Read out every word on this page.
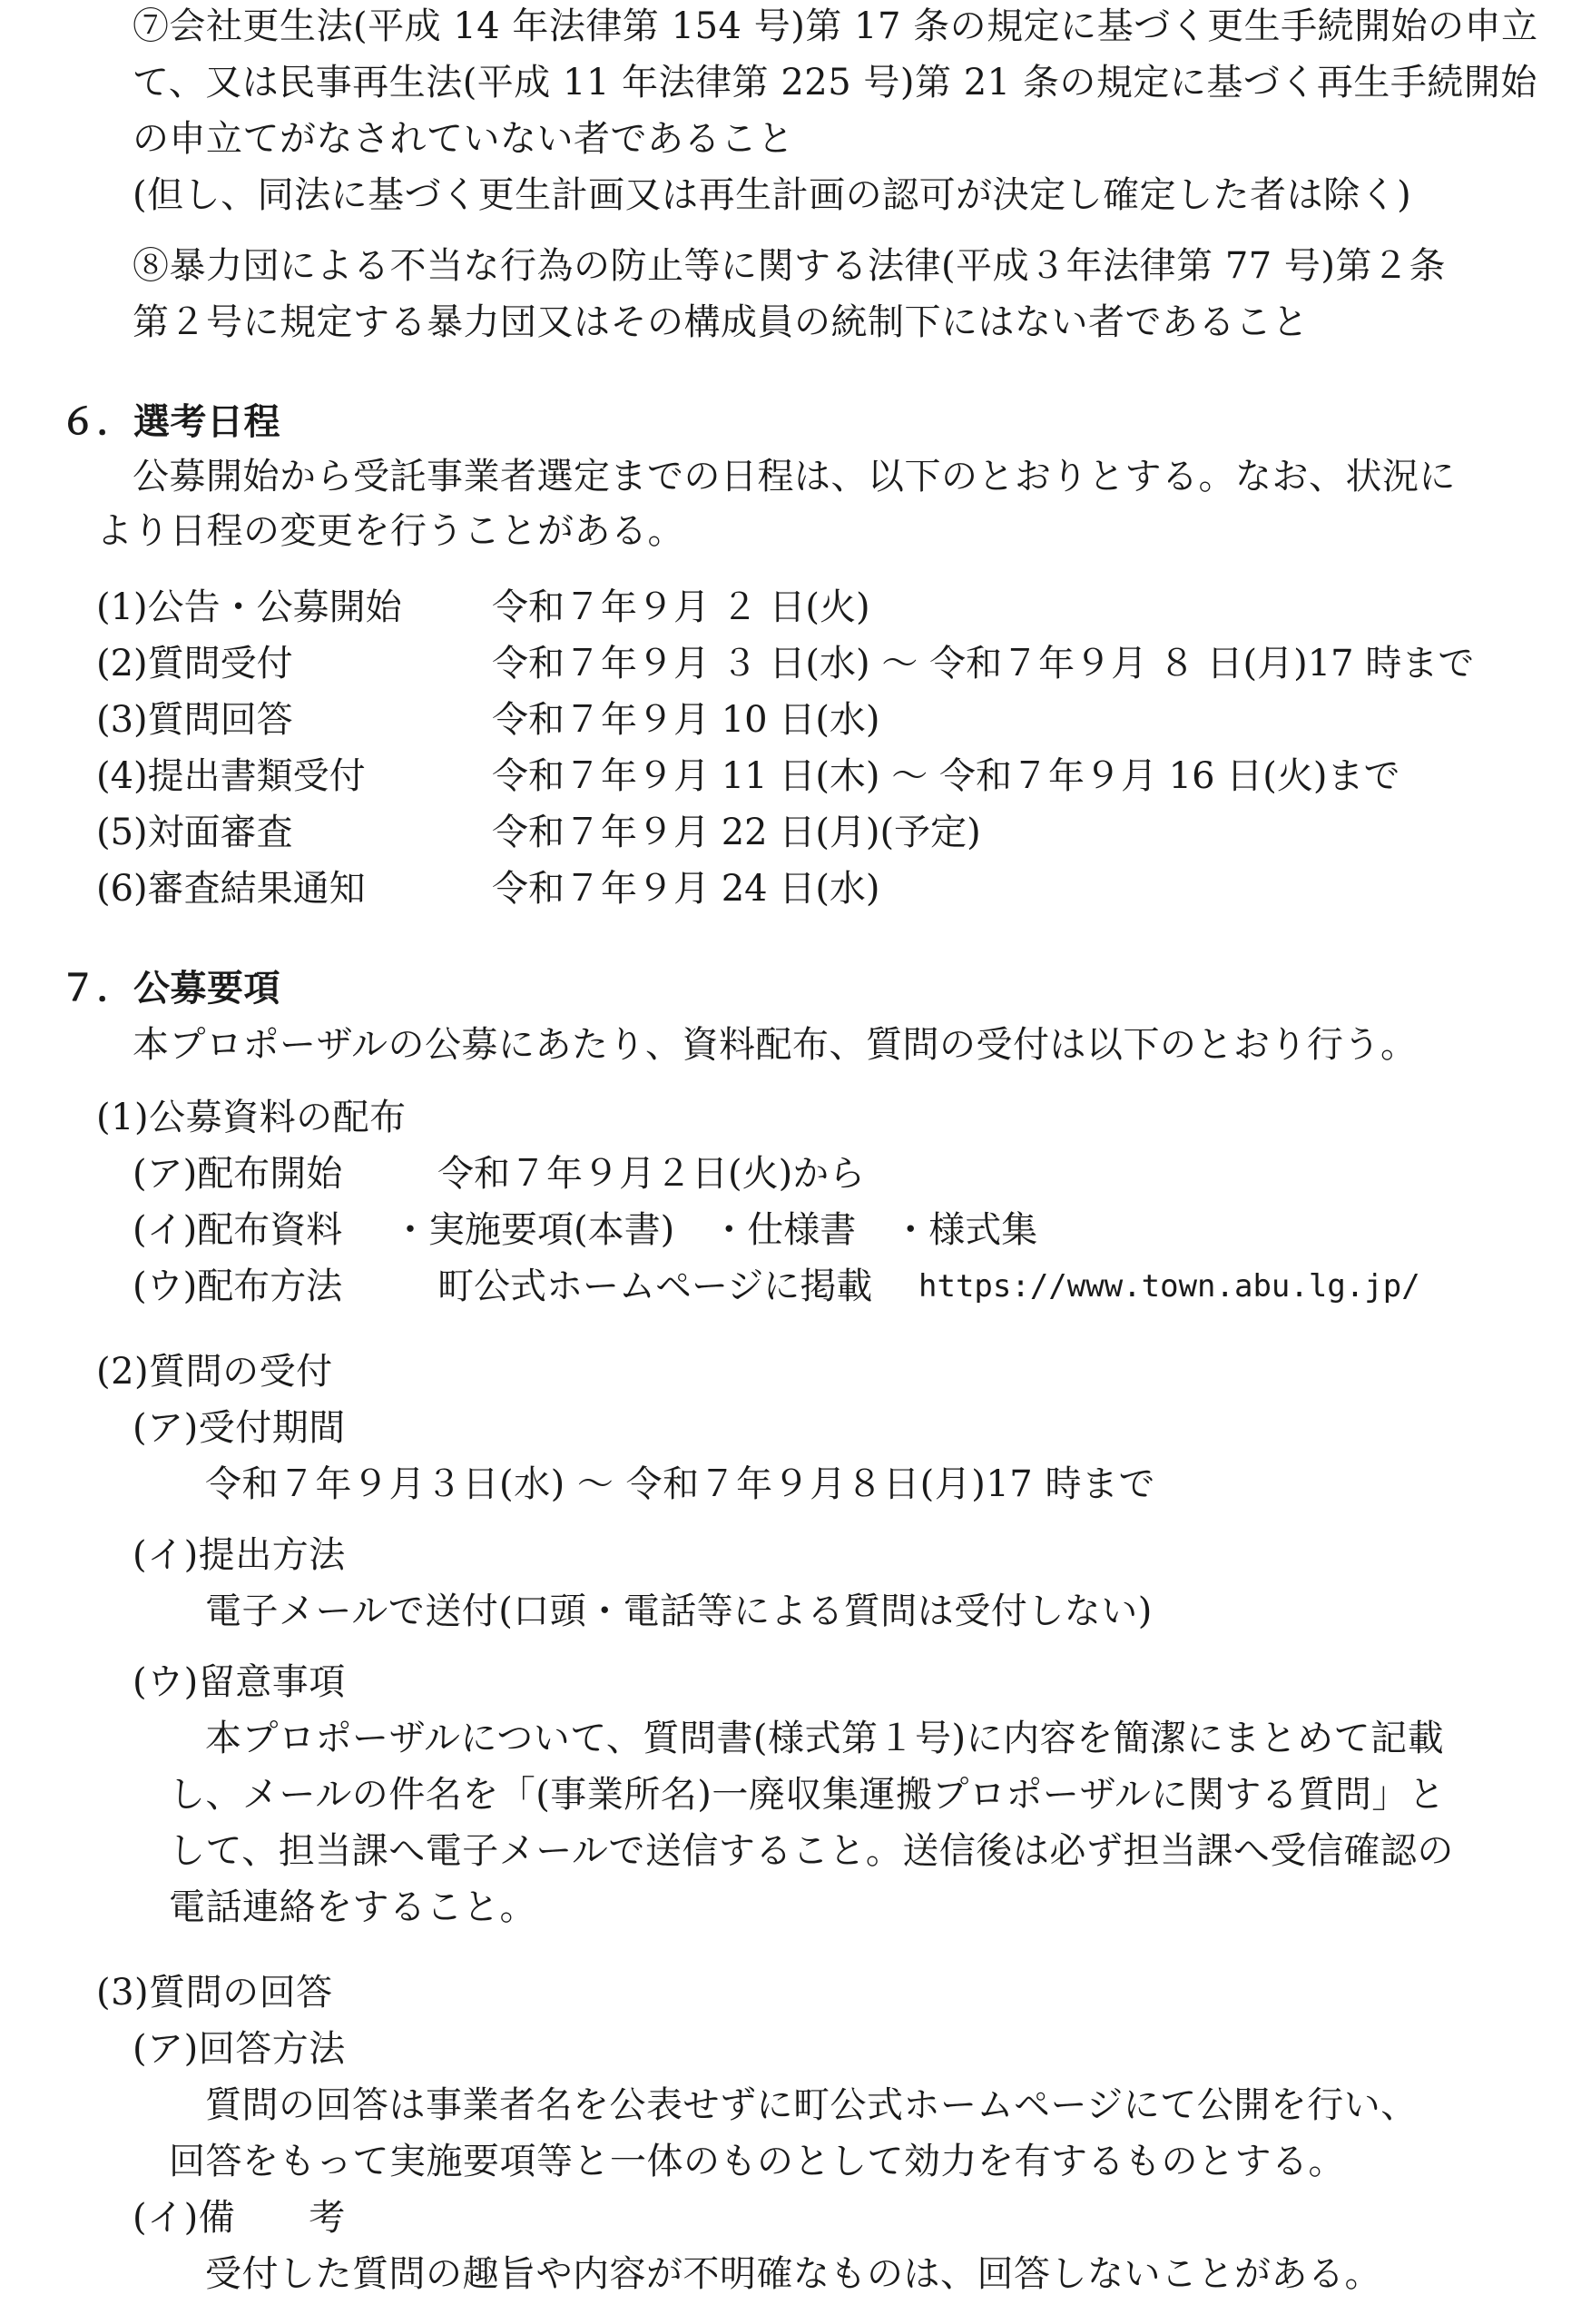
⑦会社更生法(平成 14 年法律第 154 号)第 17 条の規定に基づく更生手続開始の申立
て、又は民事再生法(平成 11 年法律第 225 号)第 21 条の規定に基づく再生手続開始
の申立てがなされていない者であること
(但し、同法に基づく更生計画又は再生計画の認可が決定し確定した者は除く)
⑧暴力団による不当な行為の防止等に関する法律(平成３年法律第 77 号)第２条
第２号に規定する暴力団又はその構成員の統制下にはない者であること
６．選考日程
公募開始から受託事業者選定までの日程は、以下のとおりとする。なお、状況に
より日程の変更を行うことがある。
(1)公告・公募開始 令和７年９月 ２ 日(火)
(2)質問受付	令和７年９月 ３ 日(水) ～ 令和７年９月 ８ 日(月)17 時まで
(3)質問回答	令和７年９月 10 日(水)
(4)提出書類受付	令和７年９月 11 日(木) ～ 令和７年９月 16 日(火)まで
(5)対面審査	令和７年９月 22 日(月)(予定)
(6)審査結果通知	令和７年９月 24 日(水)
７．公募要項
本プロポーザルの公募にあたり、資料配布、質問の受付は以下のとおり行う。
(1)公募資料の配布
(ア)配布開始	令和７年９月２日(火)から
(イ)配布資料 ・実施要項(本書)　・仕様書　・様式集
(ウ)配布方法	町公式ホームページに掲載 https://www.town.abu.lg.jp/
(2)質問の受付
(ア)受付期間
令和７年９月３日(水) ～ 令和７年９月８日(月)17 時まで
(イ)提出方法
電子メールで送付(口頭・電話等による質問は受付しない)
(ウ)留意事項
本プロポーザルについて、質問書(様式第１号)に内容を簡潔にまとめて記載
し、メールの件名を「(事業所名)一廃収集運搬プロポーザルに関する質問」と
して、担当課へ電子メールで送信すること。送信後は必ず担当課へ受信確認の
電話連絡をすること。
(3)質問の回答
(ア)回答方法
質問の回答は事業者名を公表せずに町公式ホームページにて公開を行い、
回答をもって実施要項等と一体のものとして効力を有するものとする。
(イ)備　　考
受付した質問の趣旨や内容が不明確なものは、回答しないことがある。
